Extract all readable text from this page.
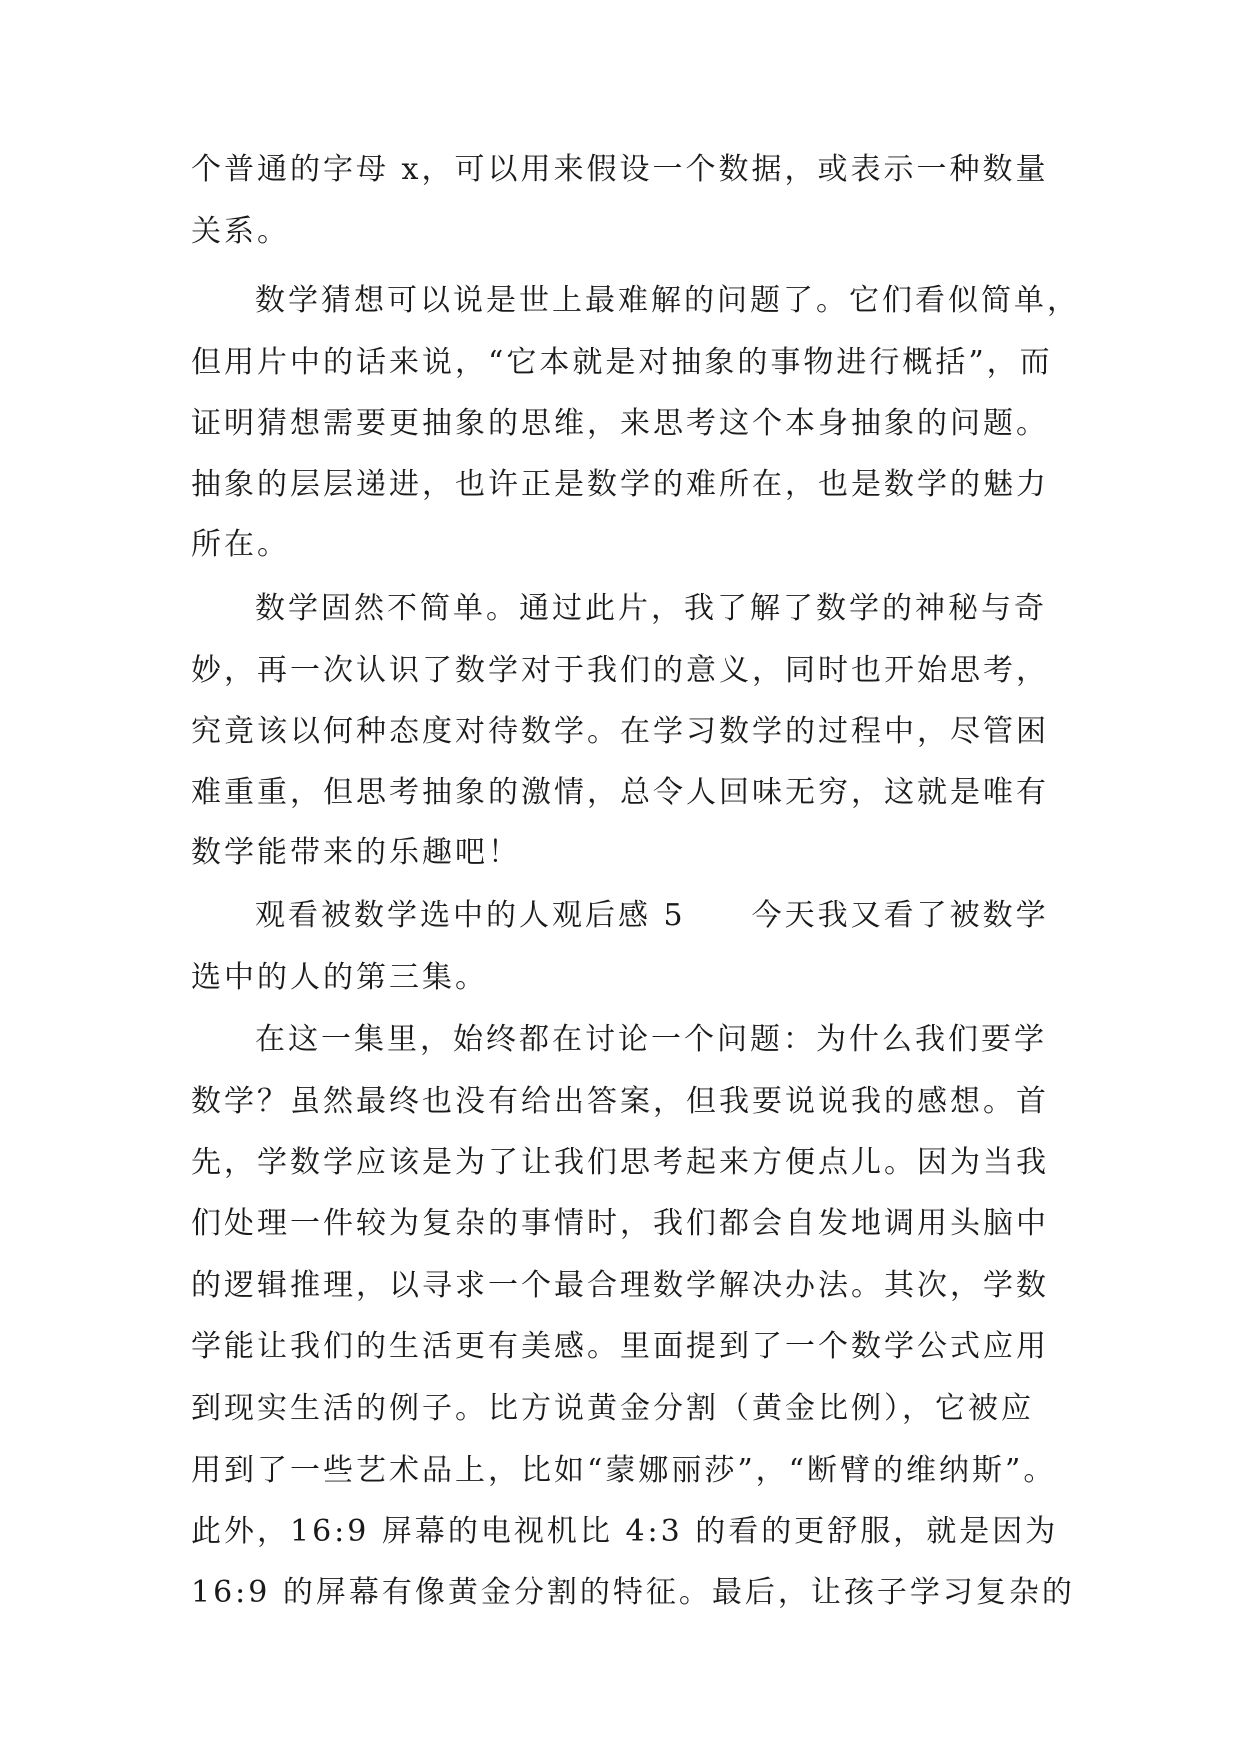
个普通的字母 x，可以用来假设一个数据，或表示一种数量
关系。
数学猜想可以说是世上最难解的问题了。它们看似简单，
但用片中的话来说，“它本就是对抽象的事物进行概括”，而
证明猜想需要更抽象的思维，来思考这个本身抽象的问题。
抽象的层层递进，也许正是数学的难所在，也是数学的魅力
所在。
数学固然不简单。通过此片，我了解了数学的神秘与奇
妙，再一次认识了数学对于我们的意义，同时也开始思考，
究竟该以何种态度对待数学。在学习数学的过程中，尽管困
难重重，但思考抽象的激情，总令人回味无穷，这就是唯有
数学能带来的乐趣吧！
观看被数学选中的人观后感 5　　今天我又看了被数学
选中的人的第三集。
在这一集里，始终都在讨论一个问题：为什么我们要学
数学？虽然最终也没有给出答案，但我要说说我的感想。首
先，学数学应该是为了让我们思考起来方便点儿。因为当我
们处理一件较为复杂的事情时，我们都会自发地调用头脑中
的逻辑推理，以寻求一个最合理数学解决办法。其次，学数
学能让我们的生活更有美感。里面提到了一个数学公式应用
到现实生活的例子。比方说黄金分割（黄金比例），它被应
用到了一些艺术品上，比如“蒙娜丽莎”，“断臂的维纳斯”。
此外，16:9 屏幕的电视机比 4:3 的看的更舒服，就是因为
16:9 的屏幕有像黄金分割的特征。最后，让孩子学习复杂的
